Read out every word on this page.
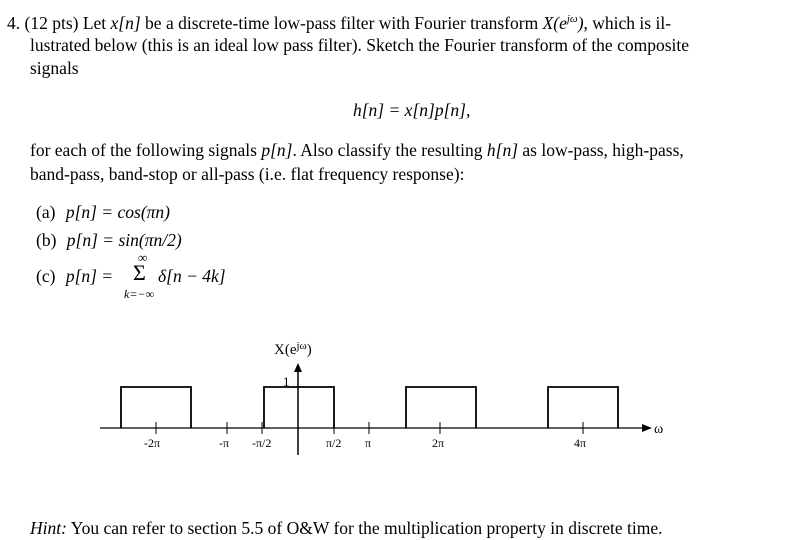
4. (12 pts) Let x[n] be a discrete-time low-pass filter with Fourier transform $X(e^{j\omega})$, which is il-
lustrated below (this is an ideal low pass filter). Sketch the Fourier transform of the composite
signals
h[n] = x[n]p[n],
for each of the following signals p[n]. Also classify the resulting h[n] as low-pass, high-pass,
band-pass, band-stop or all-pass (i.e. flat frequency response):
(a) p[n] = cos(πn)
(b) p[n] = sin(πn/2)
(c) p[n] =
∞
Σ
k=−∞
δ[n − 4k]
$X(e^{j\omega})$
1
ω
-2π	-π -π/2	π/2 π	2π	4π
Hint: You can refer to section 5.5 of O&W for the multiplication property in discrete time.
